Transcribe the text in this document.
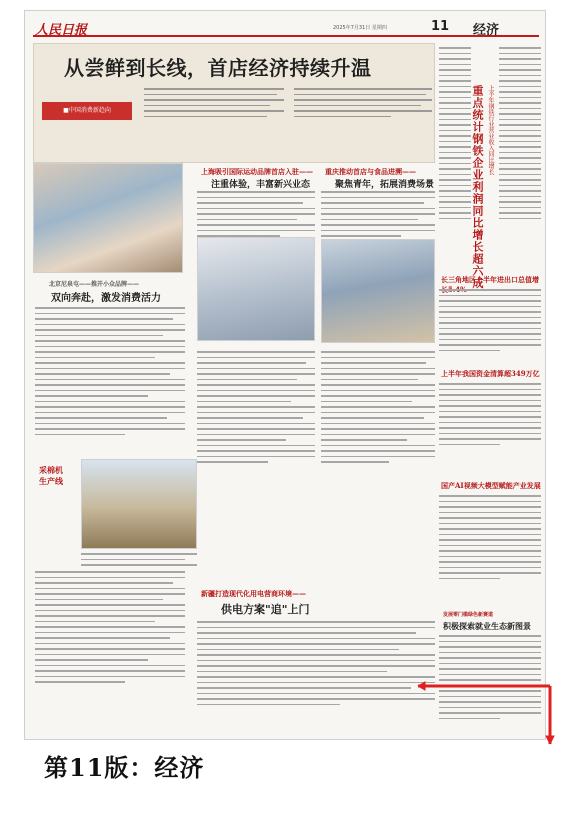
人民日报	2025年7月31日 星期四	11 经济
从尝鲜到长线，首店经济持续升温
■中国消费新趋向
北京尼泉屯——推开小众品牌——
双向奔赴，激发消费活力
上海吸引国际运动品牌首店入驻——
注重体验，丰富新兴业态
重庆推动首店与食品进溯——
聚焦青年，拓展消费场景
采棉机
生产线
新疆打造现代化用电营商环境——
供电方案"追"上门
上半年钢铁行业营业收入同比增长
重点统计钢铁企业利润同比增长超六成
长三角地区上半年进出口总值增
上半年我国资金清算超349万亿
国产AI视频大模型赋能产业发展
发展零门槛绿色新赛道
积极探索就业生态新图景
第11版：经济
